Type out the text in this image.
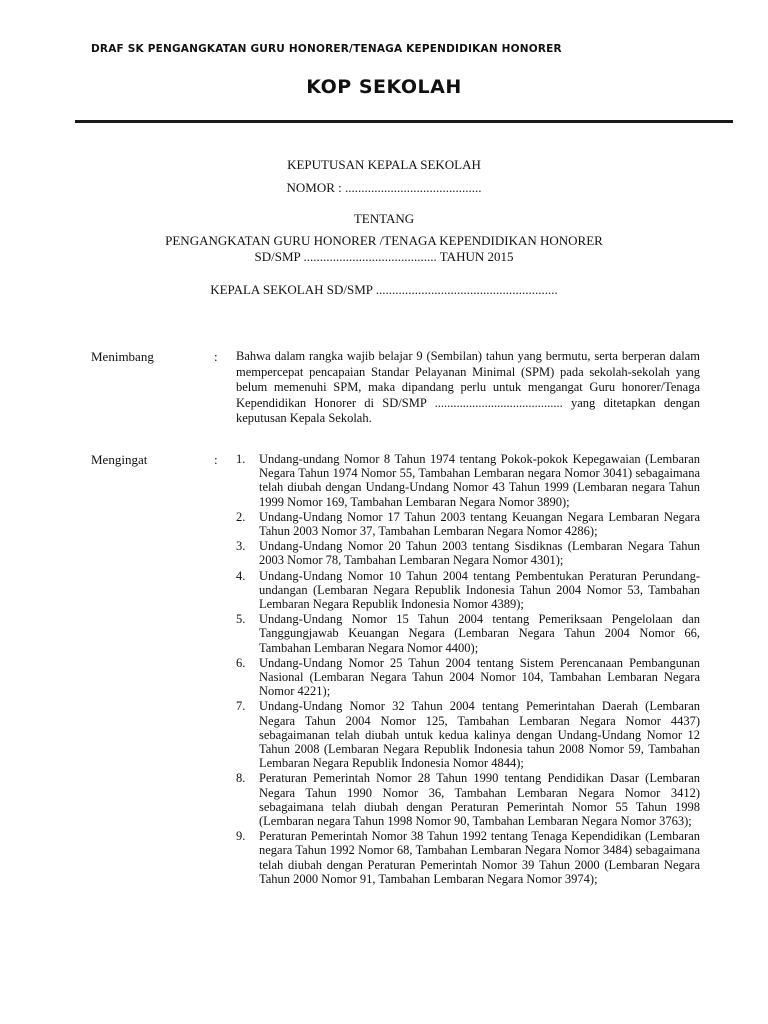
DRAF SK PENGANGKATAN GURU HONORER/TENAGA KEPENDIDIKAN HONORER
KOP SEKOLAH
KEPUTUSAN KEPALA SEKOLAH
NOMOR : ..........................................
TENTANG
PENGANGKATAN GURU HONORER /TENAGA KEPENDIDIKAN HONORER
SD/SMP ......................................... TAHUN 2015
KEPALA SEKOLAH SD/SMP ........................................................
Menimbang	: Bahwa dalam rangka wajib belajar 9 (Sembilan) tahun yang bermutu, serta berperan dalam mempercepat pencapaian Standar Pelayanan Minimal (SPM) pada sekolah-sekolah yang belum memenuhi SPM, maka dipandang perlu untuk mengangat Guru honorer/Tenaga Kependidikan Honorer di SD/SMP ......................................... yang ditetapkan dengan keputusan Kepala Sekolah.
Mengingat	: 1. Undang-undang Nomor 8 Tahun 1974 tentang Pokok-pokok Kepegawaian (Lembaran Negara Tahun 1974 Nomor 55, Tambahan Lembaran negara Nomor 3041) sebagaimana telah diubah dengan Undang-Undang Nomor 43 Tahun 1999 (Lembaran negara Tahun 1999 Nomor 169, Tambahan Lembaran Negara Nomor 3890);
2. Undang-Undang Nomor 17 Tahun 2003 tentang Keuangan Negara Lembaran Negara Tahun 2003 Nomor 37, Tambahan Lembaran Negara Nomor 4286);
3. Undang-Undang Nomor 20 Tahun 2003 tentang Sisdiknas (Lembaran Negara Tahun 2003 Nomor 78, Tambahan Lembaran Negara Nomor 4301);
4. Undang-Undang Nomor 10 Tahun 2004 tentang Pembentukan Peraturan Perundang-undangan (Lembaran Negara Republik Indonesia Tahun 2004 Nomor 53, Tambahan Lembaran Negara Republik Indonesia Nomor 4389);
5. Undang-Undang Nomor 15 Tahun 2004 tentang Pemeriksaan Pengelolaan dan Tanggungjawab Keuangan Negara (Lembaran Negara Tahun 2004 Nomor 66, Tambahan Lembaran Negara Nomor 4400);
6. Undang-Undang Nomor 25 Tahun 2004 tentang Sistem Perencanaan Pembangunan Nasional (Lembaran Negara Tahun 2004 Nomor 104, Tambahan Lembaran Negara Nomor 4221);
7. Undang-Undang Nomor 32 Tahun 2004 tentang Pemerintahan Daerah (Lembaran Negara Tahun 2004 Nomor 125, Tambahan Lembaran Negara Nomor 4437) sebagaimanan telah diubah untuk kedua kalinya dengan Undang-Undang Nomor 12 Tahun 2008 (Lembaran Negara Republik Indonesia tahun 2008 Nomor 59, Tambahan Lembaran Negara Republik Indonesia Nomor 4844);
8. Peraturan Pemerintah Nomor 28 Tahun 1990 tentang Pendidikan Dasar (Lembaran Negara Tahun 1990 Nomor 36, Tambahan Lembaran Negara Nomor 3412) sebagaimana telah diubah dengan Peraturan Pemerintah Nomor 55 Tahun 1998 (Lembaran negara Tahun 1998 Nomor 90, Tambahan Lembaran Negara Nomor 3763);
9. Peraturan Pemerintah Nomor 38 Tahun 1992 tentang Tenaga Kependidikan (Lembaran negara Tahun 1992 Nomor 68, Tambahan Lembaran Negara Nomor 3484) sebagaimana telah diubah dengan Peraturan Pemerintah Nomor 39 Tahun 2000 (Lembaran Negara Tahun 2000 Nomor 91, Tambahan Lembaran Negara Nomor 3974);
